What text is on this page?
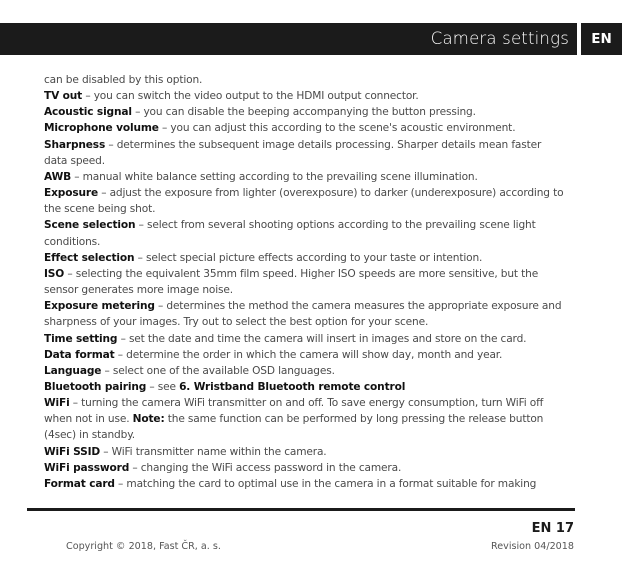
Camera settings	EN

can be disabled by this option.

TV out – you can switch the video output to the HDMI output connector.

Acoustic signal – you can disable the beeping accompanying the button pressing.

Microphone volume – you can adjust this according to the scene's acoustic environment.

Sharpness – determines the subsequent image details processing. Sharper details mean faster data speed.

AWB – manual white balance setting according to the prevailing scene illumination.

Exposure – adjust the exposure from lighter (overexposure) to darker (underexposure) according to the scene being shot.

Scene selection – select from several shooting options according to the prevailing scene light conditions.

Effect selection – select special picture effects according to your taste or intention.

ISO – selecting the equivalent 35mm film speed. Higher ISO speeds are more sensitive, but the sensor generates more image noise.

Exposure metering – determines the method the camera measures the appropriate exposure and sharpness of your images. Try out to select the best option for your scene.

Time setting – set the date and time the camera will insert in images and store on the card.

Data format – determine the order in which the camera will show day, month and year.

Language – select one of the available OSD languages.

Bluetooth pairing – see 6. Wristband Bluetooth remote control

WiFi – turning the camera WiFi transmitter on and off. To save energy consumption, turn WiFi off when not in use. Note: the same function can be performed by long pressing the release button (4sec) in standby.

WiFi SSID – WiFi transmitter name within the camera.

WiFi password – changing the WiFi access password in the camera.

Format card – matching the card to optimal use in the camera in a format suitable for making

EN 17
Copyright © 2018, Fast ČR, a. s.	Revision 04/2018
